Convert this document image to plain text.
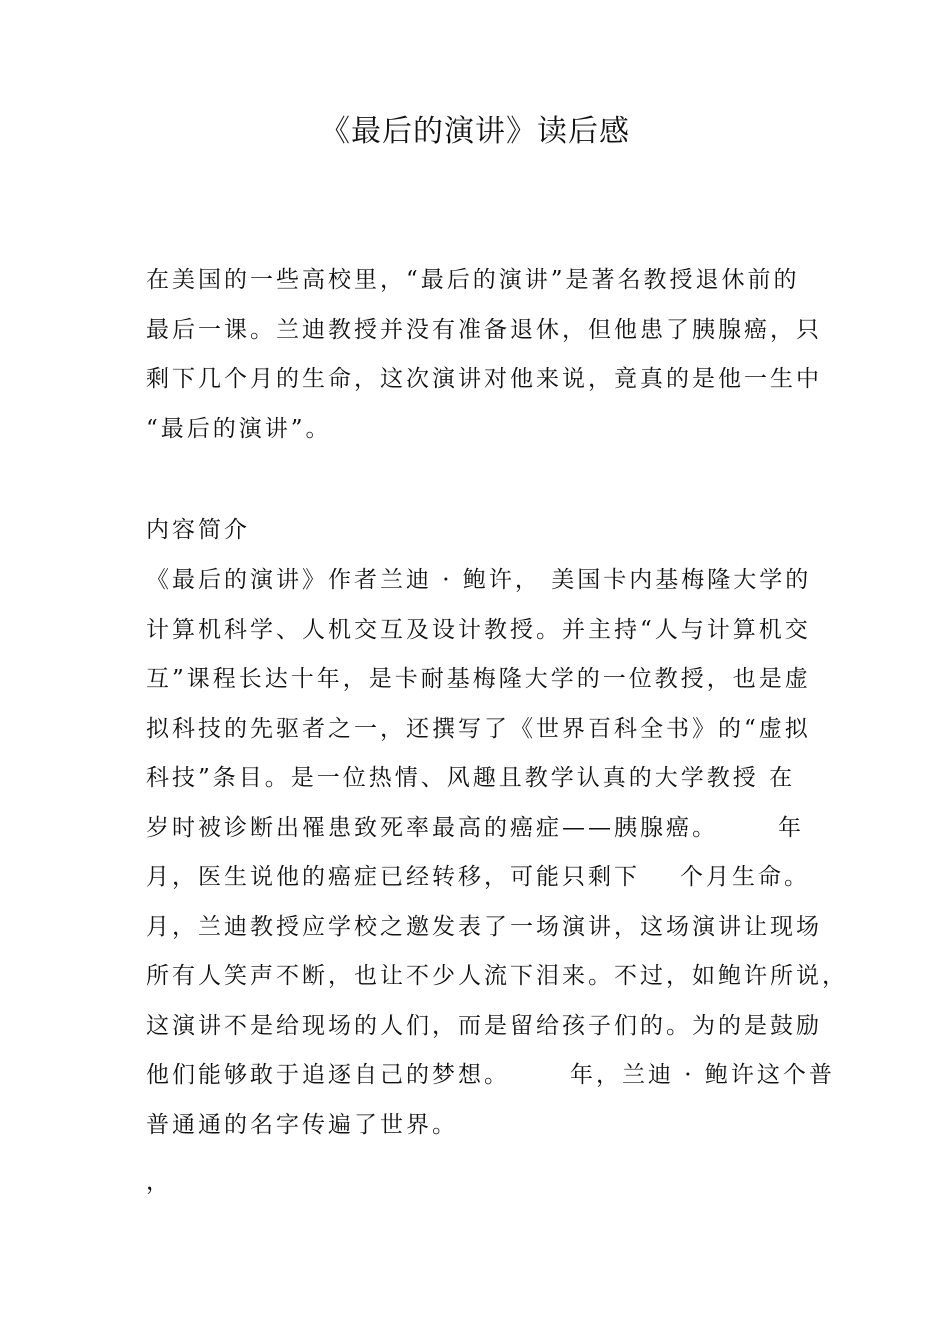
《最后的演讲》读后感
在美国的一些高校里，“最后的演讲”是著名教授退休前的
最后一课。兰迪教授并没有准备退休，但他患了胰腺癌，只
剩下几个月的生命，这次演讲对他来说，竟真的是他一生中
“最后的演讲”。
内容简介
《最后的演讲》作者兰迪 · 鲍许， 美国卡内基梅隆大学的
计算机科学、人机交互及设计教授。并主持“人与计算机交
互”课程长达十年，是卡耐基梅隆大学的一位教授，也是虚
拟科技的先驱者之一，还撰写了《世界百科全书》的“虚拟
科技”条目。是一位热情、风趣且教学认真的大学教授 在
岁时被诊断出罹患致死率最高的癌症——胰腺癌。	年
月，医生说他的癌症已经转移，可能只剩下 个月生命。
月，兰迪教授应学校之邀发表了一场演讲，这场演讲让现场
所有人笑声不断，也让不少人流下泪来。不过，如鲍许所说，
这演讲不是给现场的人们，而是留给孩子们的。为的是鼓励
他们能够敢于追逐自己的梦想。	年，兰迪 · 鲍许这个普
普通通的名字传遍了世界。
，
